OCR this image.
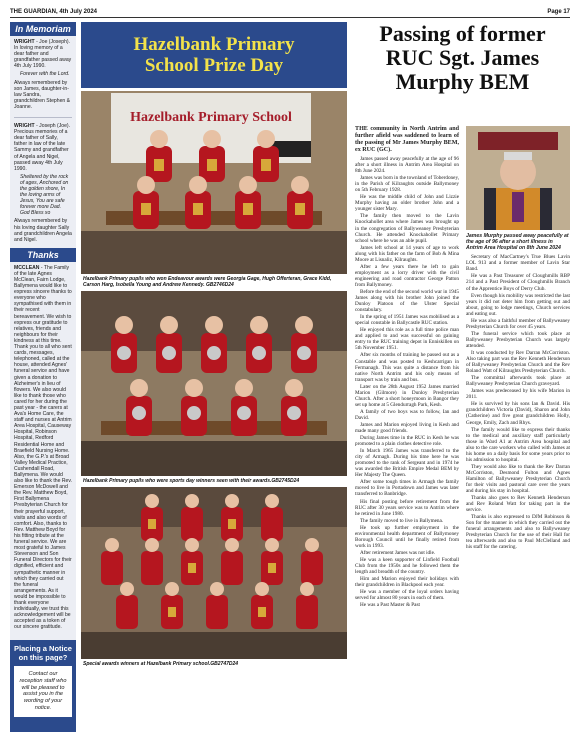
THE GUARDIAN, 4th July 2024	Page 17
In Memoriam

WRIGHT - Joe (Joseph). In loving memory of a dear father and grandfather passed away 4th July 1990.

Forever with the Lord.

Always remembered by son James, daughter-in-law Sandra, grandchildren Stephen & Joanne.

WRIGHT - Joseph (Joe). Precious memories of a dear father of Sally, father in law of the late Sammy and grandfather of Angela and Nigel, passed away 4th July 1990.

Sheltered by the rock of ages, Anchored on the golden shore, In the loving arms of Jesus, You are safe forever more Dad. God Bless xo

Always remembered by his loving daughter Sally and grandchildren Angela and Nigel.

Thanks

MCCLEAN - The Family of the late Agnes McClean, Fairn Lodge, Ballymena would like to express sincere thanks to everyone who sympathised with them in their recent bereavement. We wish to express our gratitude to relatives, friends and neighbours for their kindness at this time. Thank you to all who sent cards, messages, telephoned, called at the house, attended Agnes' funeral service and have given a donation to Alzheimer's in lieu of flowers. We also would like to thank those who cared for her during the past year - the carers at Ava's Home Care, the staff and nurses at Antrim Area Hospital, Causeway Hospital, Robinson Hospital, Redford Residential Home and Braefield Nursing Home. Also, the G.P.'s at Broad Valley Medical Practice, Cushendall Road, Ballymena. We would also like to thank the Rev. Emerson McDowell and the Rev. Matthew Boyd, First Ballymena Presbyterian Church for their prayerful support, visits and also words of comfort. Also, thanks to Rev. Matthew Boyd for his fitting tribute at the funeral service. We are most grateful to James Stevenson and Son Funeral Directors for their dignified, efficient and sympathetic manner in which they carried out the funeral arrangements. As it would be impossible to thank everyone individually, we trust this acknowledgement will be accepted as a token of our sincere gratitude.

Placing a Notice on this page?
Contact our reception staff who will be pleased to assist you in the wording of your notice.
Hazelbank Primary
School Prize Day
Hazelbank Primary School
Hazelbank Primary pupils who won Endeavour awards were Georgia Gage, Hugh Offerteran, Grace Kidd, Carson Harg, Isobella Young and Andrew Kennedy. GB2746D24
Hazelbank Primary pupils who were sports day winners seen with their awards.GB2745D24
Special awards winners at Hazelbank Primary school.GB2747D24
Passing of former RUC Sgt. James Murphy BEM

THE community in North Antrim and further afield was saddened to learn of the passing of Mr James Murphy BEM, ex RUC (GC).

James passed away peacefully at the age of 96 after a short illness in Antrim Area Hospital on 8th June 2024.

James was born in the townland of Toberdoney, in the Parish of Kilraughts outside Ballymoney on 5th February 1928.

He was the middle child of John and Lizzie Murphy having an older brother John and a younger sister Mary.

The family then moved to the Lavin Knockahollet area where James was brought up in the congregation of Ballyweaney Presbyterian Church. He attended Knockahollet Primary school where he was an able pupil.

James left school at 14 years of age to work along with his father on the farm of Bob & Mina Moore at Lisnaliz, Kilraughts.

After a few years there he left to gain employment as a lorry driver with the civil engineering and road contractor George Patton from Ballymoney.

Before the end of the second world war in 1945 James along with his brother John joined the Dunloy Platoon of the Ulster Special constabulary.

In the spring of 1951 James was mobilised as a special constable in Ballycastle RUC station.

He enjoyed this role as a full time police man and applied to and was successful on gaining entry to the RUC training depot in Enniskillen on 5th November 1951.

After six months of training he passed out as a Constable and was posted to Keshcarrigan in Fermanagh. This was quite a distance from his native North Antrim and his only means of transport was by train and bus.

Later on the 28th August 1952 James married Marion (Gilmore) in Dunloy Presbyterian Church. After a short honeymoon in Bangor they set up home at 5 Glendurragh Park, Kesh.

A family of two boys was to follow, Ian and David.

James and Marion enjoyed living in Kesh and made many good friends.

During James time in the RUC in Kesh he was promoted to a plain clothes detective role.

In March 1965 James was transferred to the city of Armagh. During his time here he was promoted to the rank of Sergeant and in 1974 he was awarded the British Empire Medal BEM by Her Majesty The Queen.

After some tough times in Armagh the family moved to live in Portadown and James was later transferred to Banbridge.

His final posting before retirement from the RUC after 30 years service was to Antrim where he retired in June 1980.

The family moved to live in Ballymena.

He took up further employment in the environmental health department of Ballymoney Borough Council until he finally retired from work in 1993.

After retirement James was not idle.

He was a keen supporter of Linfield Football Club from the 1950s and he followed them the length and breadth of the country.

Him and Marion enjoyed their holidays with their grandchildren in Blackpool each year.

He was a member of the loyal orders having served for almost 80 years in each of them.

He was a Past Master & Past

James Murphy passed away peacefully at the age of 96 after a short illness in Antrim Area Hospital on 8th June 2024

Secretary of MacCartney's True Blues Lavin LOL 913 and a former member of Lavin Star Band.

He was a Past Treasurer of Cloughmills RBP 214 and a Past President of Cloughmills Branch of the Apprentice Boys of Derry Club.

Even though his mobility was restricted the last years it did not deter him from getting out and about, going to lodge meetings, Church services and eating out.

He was also a faithful member of Ballyweaney Presbyterian Church for over 45 years.

The funeral service which took place at Ballyweaney Presbyterian Church was largely attended.

It was conducted by Rev Darran McCorriston. Also taking part was the Rev Kenneth Henderson of Ballyweaney Presbyterian Church and the Rev Roland Watt of Kilraughts Presbyterian Church.

The committal afterwards took place at Ballyweaney Presbyterian Church graveyard.

James was predeceased by his wife Marion in 2011.

He is survived by his sons Ian & David. His grandchildren Victoria (David), Sharon and John (Catherine) and five great grandchildren Holly, George, Emily, Zach and Rhys.

The family would like to express their thanks to the medical and auxiliary staff particularly those in Ward A1 at Antrim Area hospital and also to the care workers who called with James at his home on a daily basis for some years prior to his admission to hospital.

They would also like to thank the Rev Darran McCorriston, Desmond Fulton and Agnes Hamilton of Ballyweaney Presbyterian Church for their visits and pastoral care over the years and during his stay in hospital.

Thanks also goes to Rev Kenneth Henderson and Rev Roland Watt for taking part in the service.

Thanks is also expressed to DJM Robinson & Son for the manner in which they carried out the funeral arrangements and also to Ballyweaney Presbyterian Church for the use of their Hall for tea afterwards and also to Paul McClelland and his staff for the catering.
